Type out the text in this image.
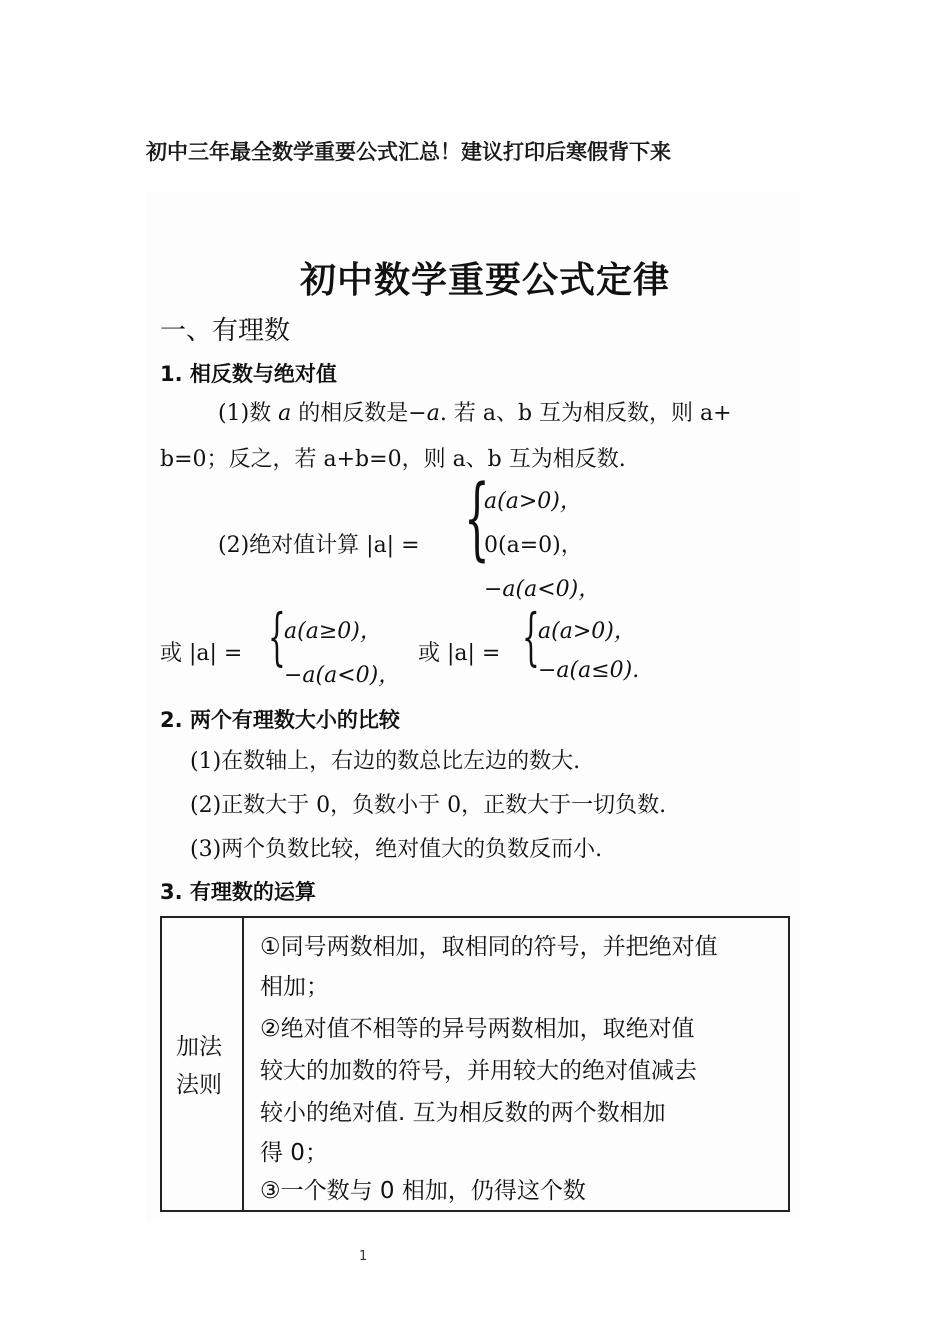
初中三年最全数学重要公式汇总！建议打印后寒假背下来
初中数学重要公式定律
一、有理数
1. 相反数与绝对值
(1)数 a 的相反数是−a. 若 a、b 互为相反数，则 a+
b=0；反之，若 a+b=0，则 a、b 互为相反数.
(2)绝对值计算 |a| = {
a(a>0)，
0(a=0)，
−a(a<0)，
或 |a| = {
a(a≥0)，
−a(a<0)，
或 |a| = {
a(a>0)，
−a(a≤0).
2. 两个有理数大小的比较
(1)在数轴上，右边的数总比左边的数大.
(2)正数大于 0，负数小于 0，正数大于一切负数.
(3)两个负数比较，绝对值大的负数反而小.
3. 有理数的运算
加法法则
①同号两数相加，取相同的符号，并把绝对值
相加；
②绝对值不相等的异号两数相加，取绝对值
较大的加数的符号，并用较大的绝对值减去
较小的绝对值. 互为相反数的两个数相加
得 0；
③一个数与 0 相加，仍得这个数
1
